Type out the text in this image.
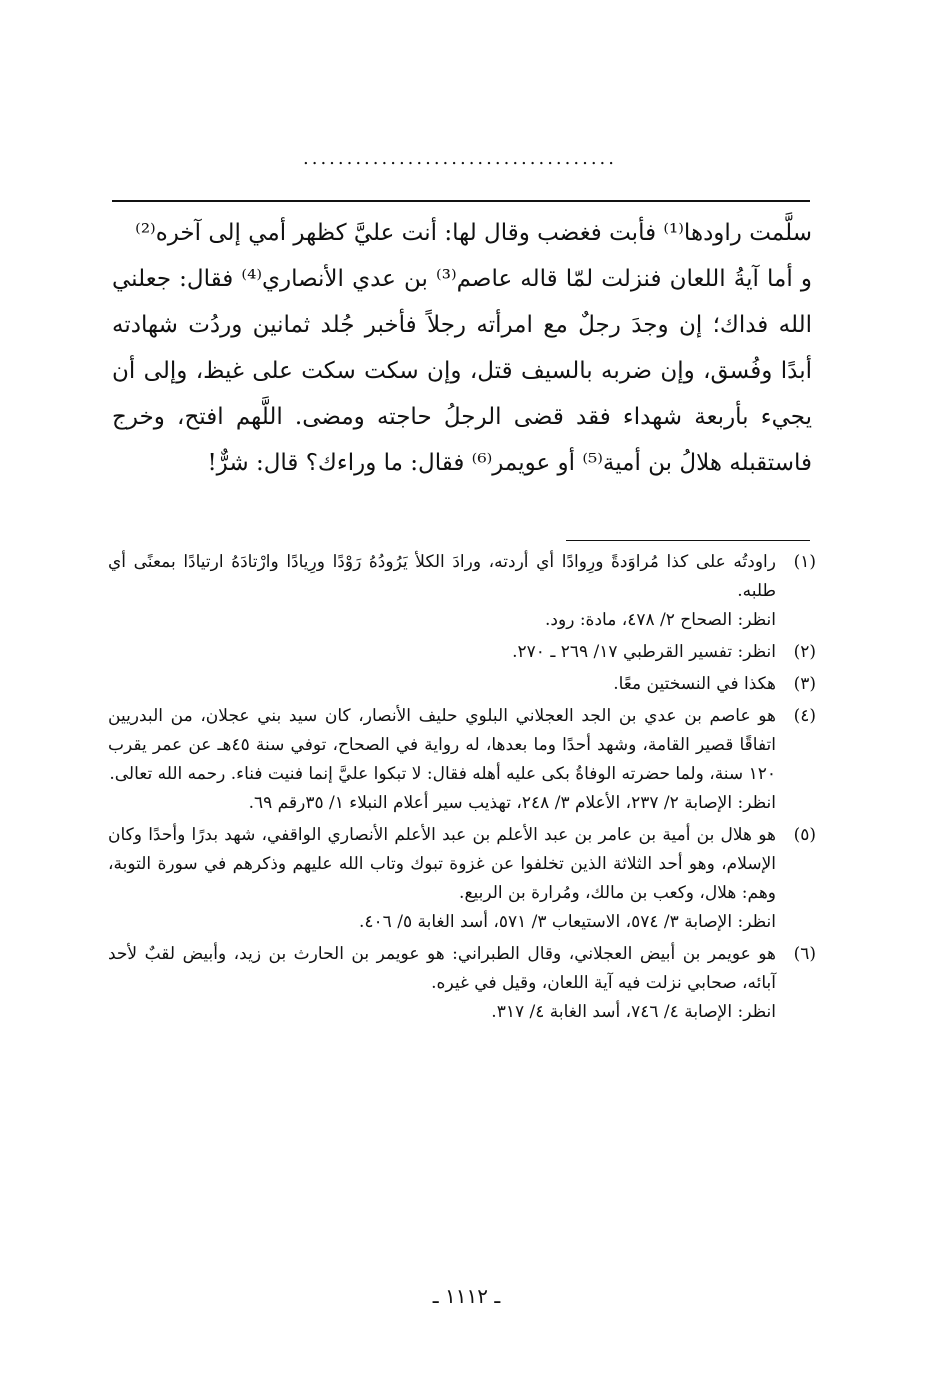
....................................

سلَّمت راودها⁽¹⁾ فأبت فغضب وقال لها: أنت عليَّ كظهر أمي إلى آخره⁽²⁾

و أما آيةُ اللعان فنزلت لمّا قاله عاصم⁽³⁾ بن عدي الأنصاري⁽⁴⁾ فقال: جعلني الله فداك؛ إن وجدَ رجلٌ مع امرأته رجلاً فأخبر جُلد ثمانين وردُت شهادته أبدًا وفُسق، وإن ضربه بالسيف قتل، وإن سكت سكت على غيظ، وإلى أن يجيء بأربعة شهداء فقد قضى الرجلُ حاجته ومضى. اللَّهم افتح، وخرج فاستقبله هلالُ بن أمية⁽⁵⁾ أو عويمر⁽⁶⁾ فقال: ما وراءك؟ قال: شرٌّ!

(١)

راودتُه على كذا مُراوَدةً ورِوادًا أي أردته، ورادَ الكلأ يَرُودُهُ رَوْدًا ورِيادًا وارْتادَهُ ارتيادًا بمعنًى أي طلبه.

انظر: الصحاح ٢/ ٤٧٨، مادة: رود.

(٢)

انظر: تفسير القرطبي ١٧/ ٢٦٩ ـ ٢٧٠.

(٣)

هكذا في النسختين معًا.

(٤)

هو عاصم بن عدي بن الجد العجلاني البلوي حليف الأنصار، كان سيد بني عجلان، من البدريين اتفاقًا قصير القامة، وشهد أحدًا وما بعدها، له رواية في الصحاح، توفي سنة ٤٥هـ عن عمر يقرب ١٢٠ سنة، ولما حضرته الوفاةُ بكى عليه أهله فقال: لا تبكوا عليَّ إنما فنيت فناء. رحمه الله تعالى.

انظر: الإصابة ٢/ ٢٣٧، الأعلام ٣/ ٢٤٨، تهذيب سير أعلام النبلاء ١/ ٣٥رقم ٦٩.

(٥)

هو هلال بن أمية بن عامر بن عبد الأعلم بن عبد الأعلم الأنصاري الواقفي، شهد بدرًا وأحدًا وكان الإسلام، وهو أحد الثلاثة الذين تخلفوا عن غزوة تبوك وتاب الله عليهم وذكرهم في سورة التوبة، وهم: هلال، وكعب بن مالك، ومُرارة بن الربيع.

انظر: الإصابة ٣/ ٥٧٤، الاستيعاب ٣/ ٥٧١، أسد الغابة ٥/ ٤٠٦.

(٦)

هو عويمر بن أبيض العجلاني، وقال الطبراني: هو عويمر بن الحارث بن زيد، وأبيض لقبٌ لأحد آبائه، صحابي نزلت فيه آية اللعان، وقيل في غيره.

انظر: الإصابة ٤/ ٧٤٦، أسد الغابة ٤/ ٣١٧.

ـ ١١١٢ ـ
